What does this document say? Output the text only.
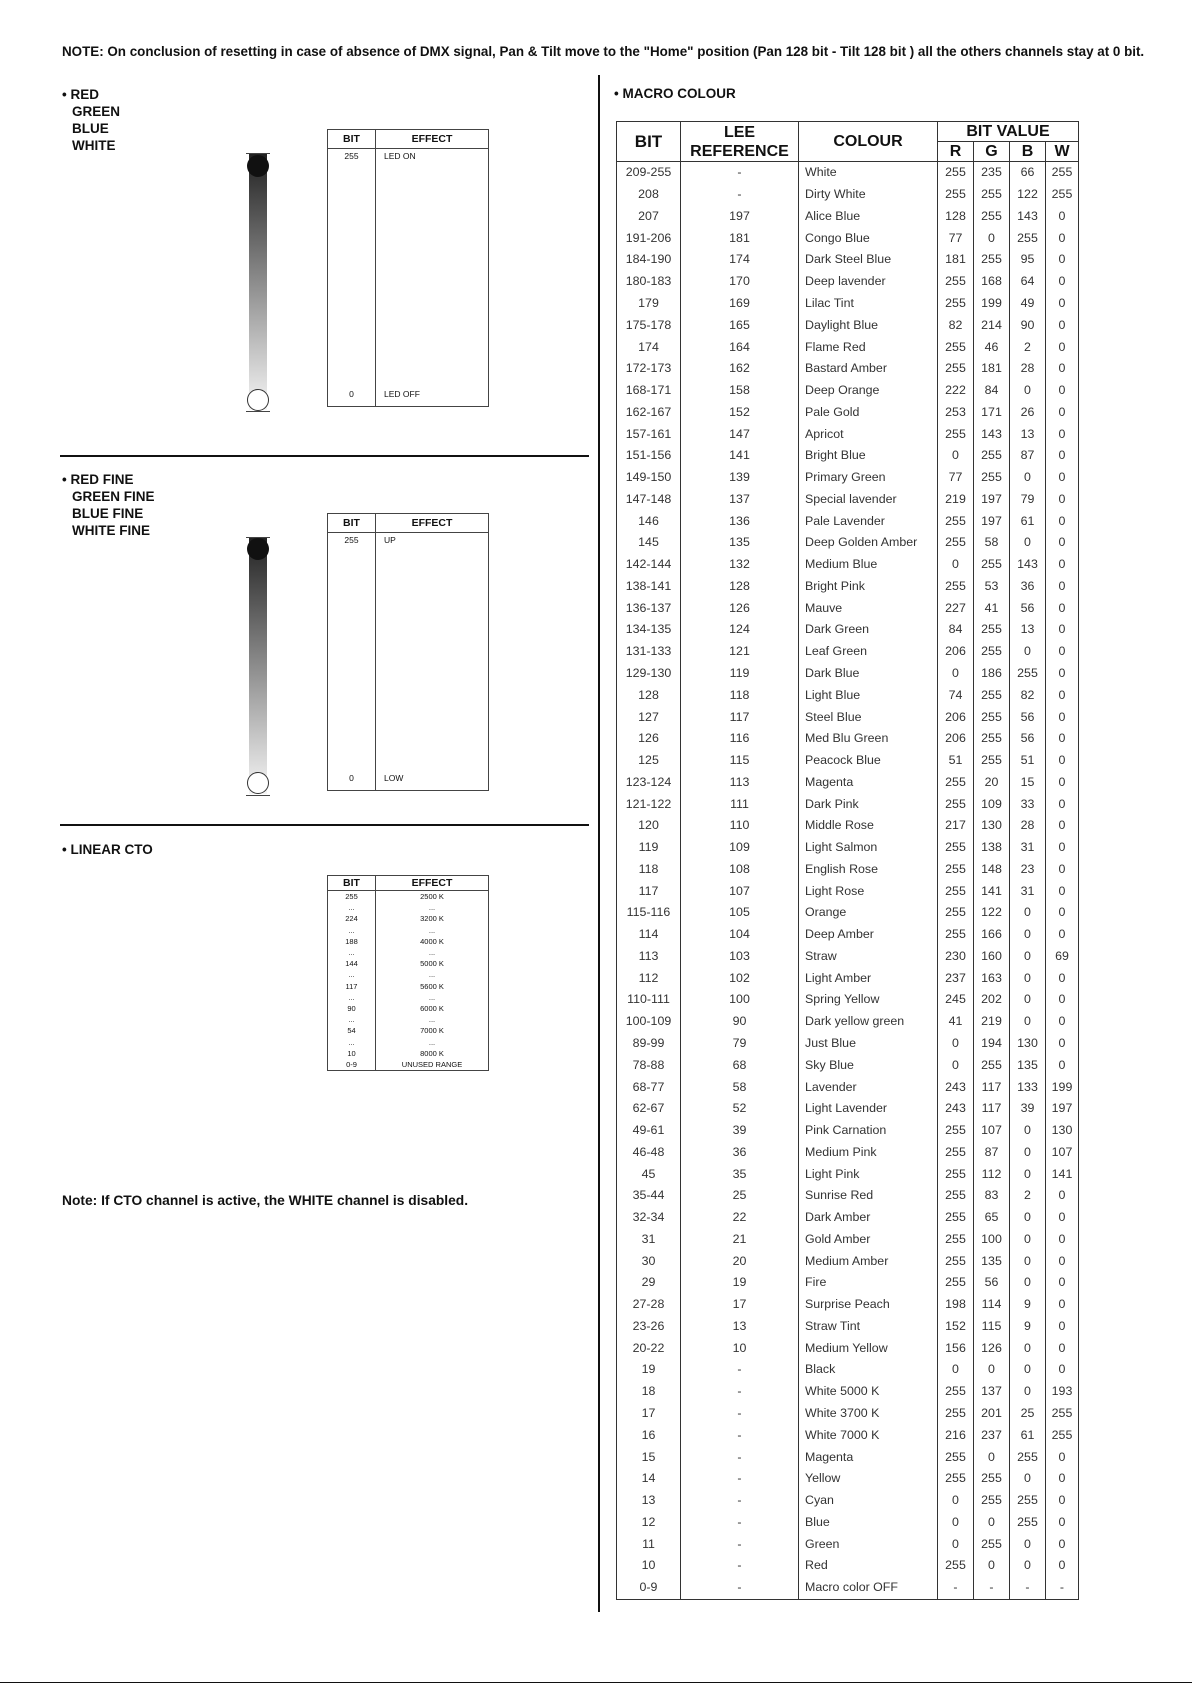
NOTE: On conclusion of resetting in case of absence of DMX signal, Pan & Tilt move to the "Home" position (Pan 128 bit - Tilt 128 bit ) all the others channels stay at 0 bit.
• RED
GREEN
BLUE
WHITE	BIT	EFFECT
255	LED ON
0	LED OFF
• RED FINE
GREEN FINE
BLUE FINE
WHITE FINE	BIT	EFFECT
255	UP
0	LOW
• LINEAR CTO
BIT	EFFECT
255	2500 K
...	...
224	3200 K
...	...
188	4000 K
...	...
144	5000 K
...	...
117	5600 K
...	...
90	6000 K
...	...
54	7000 K
...	...
10	8000 K
0-9	UNUSED RANGE
Note: If CTO channel is active, the WHITE channel is disabled.
• MACRO COLOUR
BIT	LEE REFERENCE	COLOUR	BIT VALUE			
			R	G	B	W
209-255	-	White	255	235	66	255
208	-	Dirty White	255	255	122	255
207	197	Alice Blue	128	255	143	0
191-206	181	Congo Blue	77	0	255	0
184-190	174	Dark Steel Blue	181	255	95	0
180-183	170	Deep lavender	255	168	64	0
179	169	Lilac Tint	255	199	49	0
175-178	165	Daylight Blue	82	214	90	0
174	164	Flame Red	255	46	2	0
172-173	162	Bastard Amber	255	181	28	0
168-171	158	Deep Orange	222	84	0	0
162-167	152	Pale Gold	253	171	26	0
157-161	147	Apricot	255	143	13	0
151-156	141	Bright Blue	0	255	87	0
149-150	139	Primary Green	77	255	0	0
147-148	137	Special lavender	219	197	79	0
146	136	Pale Lavender	255	197	61	0
145	135	Deep Golden Amber	255	58	0	0
142-144	132	Medium Blue	0	255	143	0
138-141	128	Bright Pink	255	53	36	0
136-137	126	Mauve	227	41	56	0
134-135	124	Dark Green	84	255	13	0
131-133	121	Leaf Green	206	255	0	0
129-130	119	Dark Blue	0	186	255	0
128	118	Light Blue	74	255	82	0
127	117	Steel Blue	206	255	56	0
126	116	Med Blu Green	206	255	56	0
125	115	Peacock Blue	51	255	51	0
123-124	113	Magenta	255	20	15	0
121-122	111	Dark Pink	255	109	33	0
120	110	Middle Rose	217	130	28	0
119	109	Light Salmon	255	138	31	0
118	108	English Rose	255	148	23	0
117	107	Light Rose	255	141	31	0
115-116	105	Orange	255	122	0	0
114	104	Deep Amber	255	166	0	0
113	103	Straw	230	160	0	69
112	102	Light Amber	237	163	0	0
110-111	100	Spring Yellow	245	202	0	0
100-109	90	Dark yellow green	41	219	0	0
89-99	79	Just Blue	0	194	130	0
78-88	68	Sky Blue	0	255	135	0
68-77	58	Lavender	243	117	133	199
62-67	52	Light Lavender	243	117	39	197
49-61	39	Pink Carnation	255	107	0	130
46-48	36	Medium Pink	255	87	0	107
45	35	Light Pink	255	112	0	141
35-44	25	Sunrise Red	255	83	2	0
32-34	22	Dark Amber	255	65	0	0
31	21	Gold Amber	255	100	0	0
30	20	Medium Amber	255	135	0	0
29	19	Fire	255	56	0	0
27-28	17	Surprise Peach	198	114	9	0
23-26	13	Straw Tint	152	115	9	0
20-22	10	Medium Yellow	156	126	0	0
19	-	Black	0	0	0	0
18	-	White 5000 K	255	137	0	193
17	-	White 3700 K	255	201	25	255
16	-	White 7000 K	216	237	61	255
15	-	Magenta	255	0	255	0
14	-	Yellow	255	255	0	0
13	-	Cyan	0	255	255	0
12	-	Blue	0	0	255	0
11	-	Green	0	255	0	0
10	-	Red	255	0	0	0
0-9	-	Macro color OFF	-	-	-	-
